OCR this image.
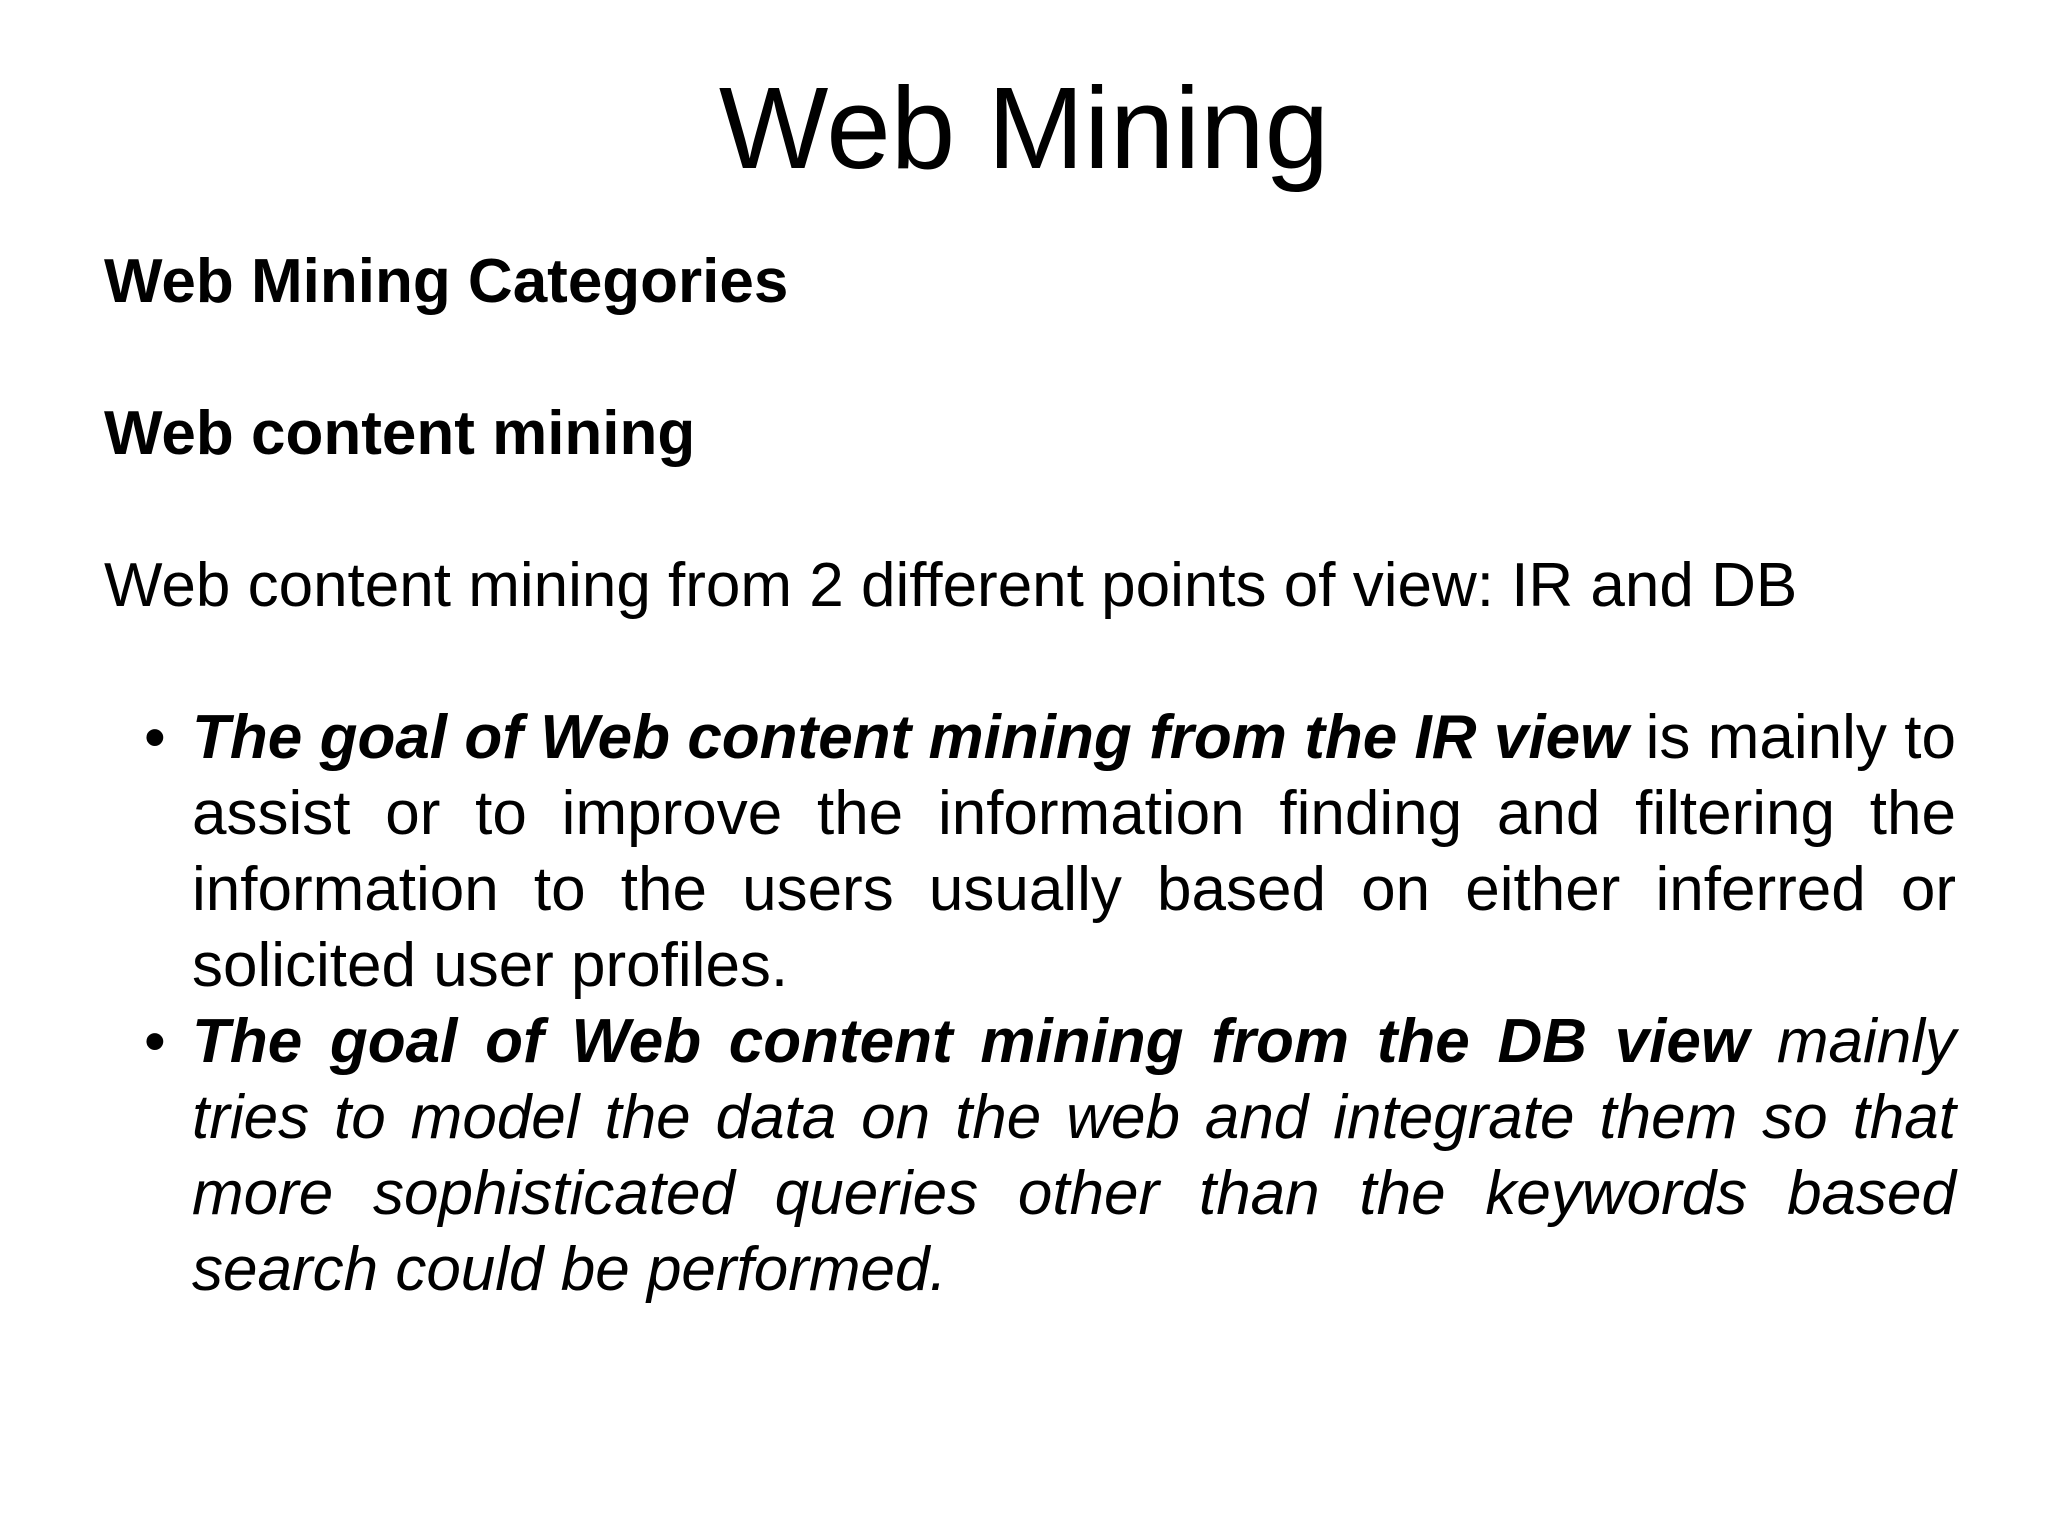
Web Mining

Web Mining Categories

Web content mining

Web content mining from 2 different points of view: IR and DB

• The goal of Web content mining from the IR view is mainly to assist or to improve the information finding and filtering the information to the users usually based on either inferred or solicited user profiles.
• The goal of Web content mining from the DB view mainly tries to model the data on the web and integrate them so that more sophisticated queries other than the keywords based search could be performed.
